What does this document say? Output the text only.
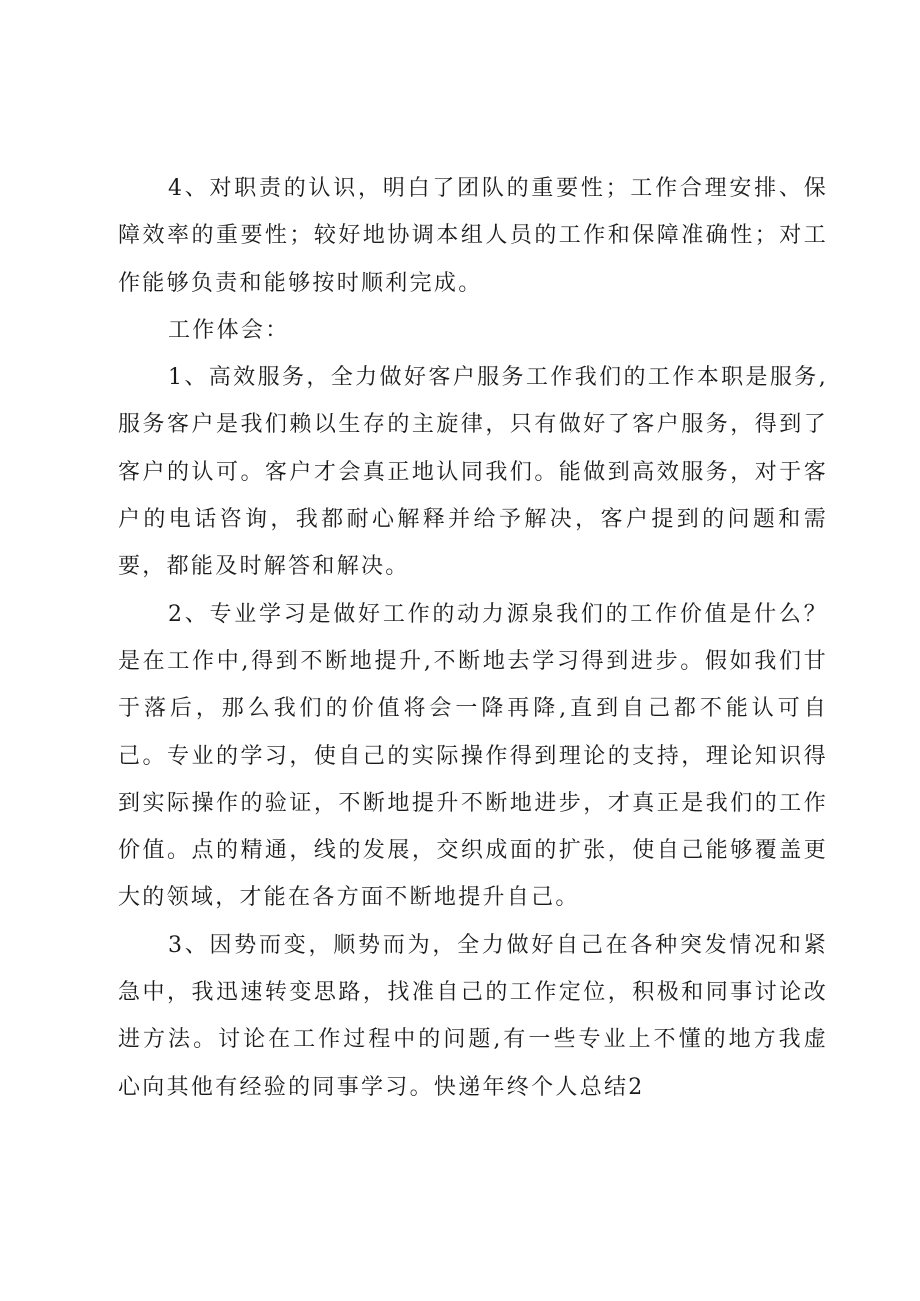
4、对职责的认识，明白了团队的重要性；工作合理安排、保障效率的重要性；较好地协调本组人员的工作和保障准确性；对工作能够负责和能够按时顺利完成。

工作体会：

1、高效服务，全力做好客户服务工作我们的工作本职是服务,服务客户是我们赖以生存的主旋律，只有做好了客户服务，得到了客户的认可。客户才会真正地认同我们。能做到高效服务，对于客户的电话咨询，我都耐心解释并给予解决，客户提到的问题和需要，都能及时解答和解决。

2、专业学习是做好工作的动力源泉我们的工作价值是什么？是在工作中,得到不断地提升,不断地去学习得到进步。假如我们甘于落后，那么我们的价值将会一降再降,直到自己都不能认可自己。专业的学习，使自己的实际操作得到理论的支持，理论知识得到实际操作的验证，不断地提升不断地进步，才真正是我们的工作价值。点的精通，线的发展，交织成面的扩张，使自己能够覆盖更大的领域，才能在各方面不断地提升自己。

3、因势而变，顺势而为，全力做好自己在各种突发情况和紧急中，我迅速转变思路，找准自己的工作定位，积极和同事讨论改进方法。讨论在工作过程中的问题,有一些专业上不懂的地方我虚心向其他有经验的同事学习。快递年终个人总结2
